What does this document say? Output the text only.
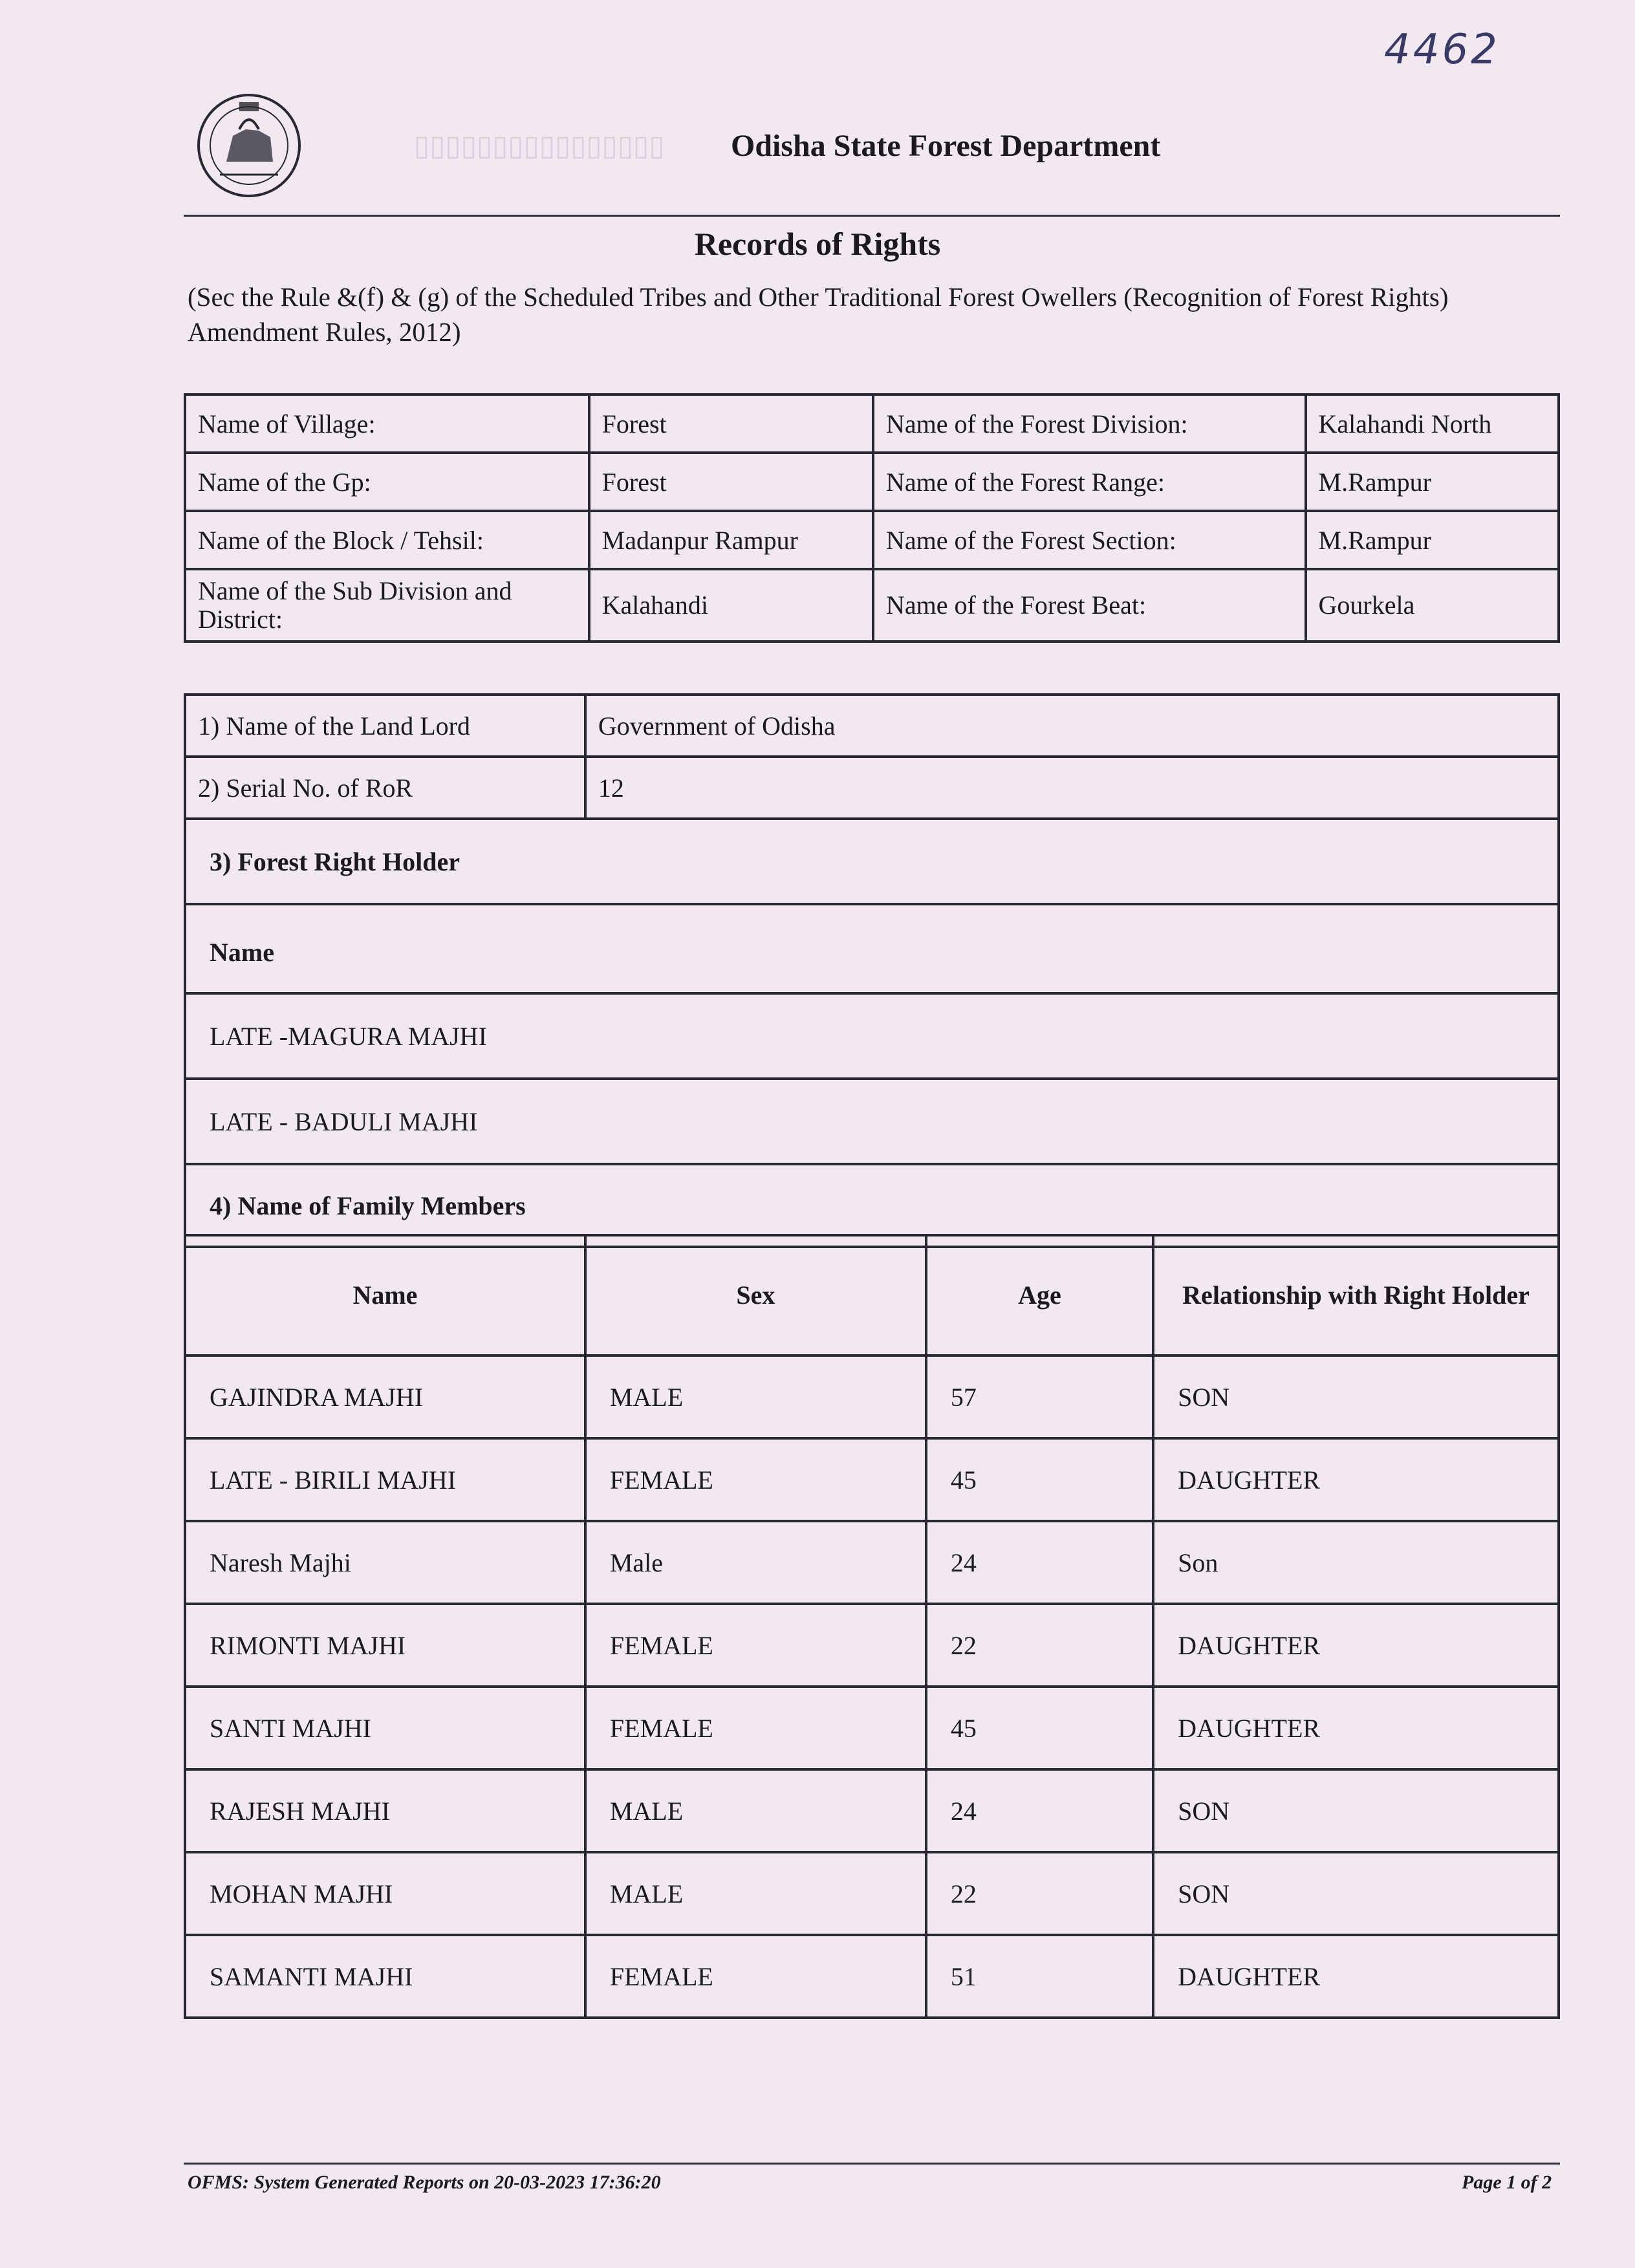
▯▯▯▯▯▯▯▯▯▯▯▯▯▯▯▯
4462
Odisha State Forest Department
Records of Rights
(Sec the Rule &(f) & (g) of the Scheduled Tribes and Other Traditional Forest Owellers (Recognition of Forest Rights) Amendment Rules, 2012)
Name of Village:	Forest	Name of the Forest Division:	Kalahandi North
Name of the Gp:	Forest	Name of the Forest Range:	M.Rampur
Name of the Block / Tehsil:	Madanpur Rampur	Name of the Forest Section:	M.Rampur
Name of the Sub Division and District:	Kalahandi	Name of the Forest Beat:	Gourkela
1) Name of the Land Lord	Government of Odisha
2) Serial No. of RoR	12
3) Forest Right Holder	
Name	
LATE -MAGURA MAJHI	
LATE - BADULI MAJHI	
4) Name of Family Members	
Name	Sex	Age	Relationship with Right Holder
GAJINDRA MAJHI	MALE	57	SON
LATE - BIRILI MAJHI	FEMALE	45	DAUGHTER
Naresh Majhi	Male	24	Son
RIMONTI MAJHI	FEMALE	22	DAUGHTER
SANTI MAJHI	FEMALE	45	DAUGHTER
RAJESH MAJHI	MALE	24	SON
MOHAN MAJHI	MALE	22	SON
SAMANTI MAJHI	FEMALE	51	DAUGHTER
OFMS: System Generated Reports on 20-03-2023 17:36:20	Page 1 of 2
